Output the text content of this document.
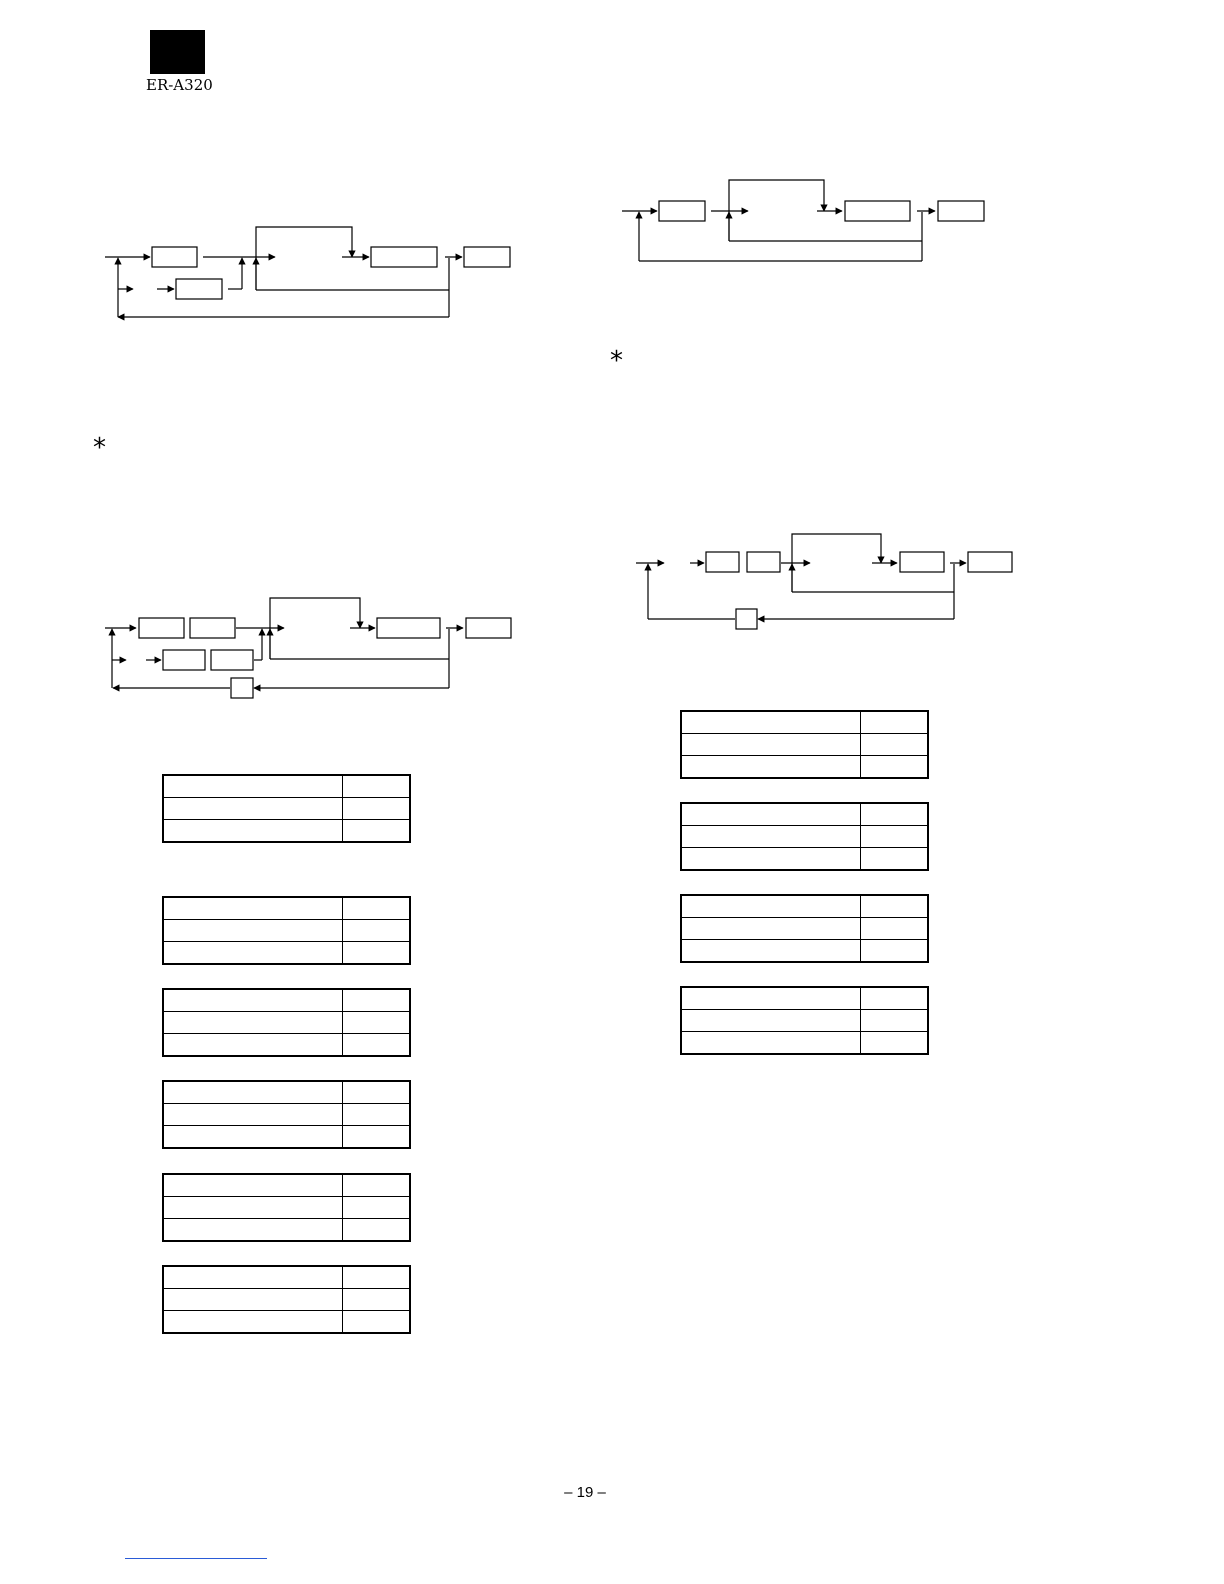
ER-A320
*
*

– 19 –
